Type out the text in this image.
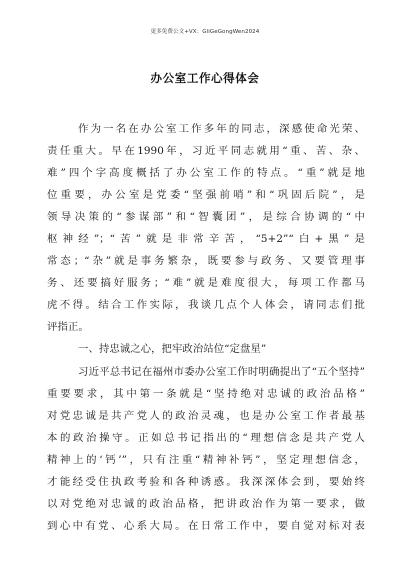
更多免费公文+VX：GliGeGongWen2024
办公室工作心得体会
作为一名在办公室工作多年的同志，深感使命光荣、
责任重大。早在1990年，习近平同志就用“重、苦、杂、
难”四个字高度概括了办公室工作的特点。“重”就是地
位重要，办公室是党委“坚强前哨”和“巩固后院”，是
领导决策的“参谋部”和“智囊团”，是综合协调的“中
枢神经”；“苦”就是非常辛苦，“5+2”“白+黑”是
常态；“杂”就是事务繁杂，既要参与政务、又要管理事
务、还要搞好服务；“难”就是难度很大，每项工作都马
虎不得。结合工作实际，我谈几点个人体会，请同志们批
评指正。
一、持忠诚之心，把牢政治站位“定盘星”
习近平总书记在福州市委办公室工作时明确提出了“五个坚持”
重要要求，其中第一条就是“坚持绝对忠诚的政治品格”
对党忠诚是共产党人的政治灵魂，也是办公室工作者最基
本的政治操守。正如总书记指出的“理想信念是共产党人
精神上的‘钙’”，只有注重“精神补钙”，坚定理想信念，
才能经受住执政考验和各种诱惑。我深深体会到，要始终
以对党绝对忠诚的政治品格，把讲政治作为第一要求，做
到心中有党、心系大局。在日常工作中，要自觉对标对表
